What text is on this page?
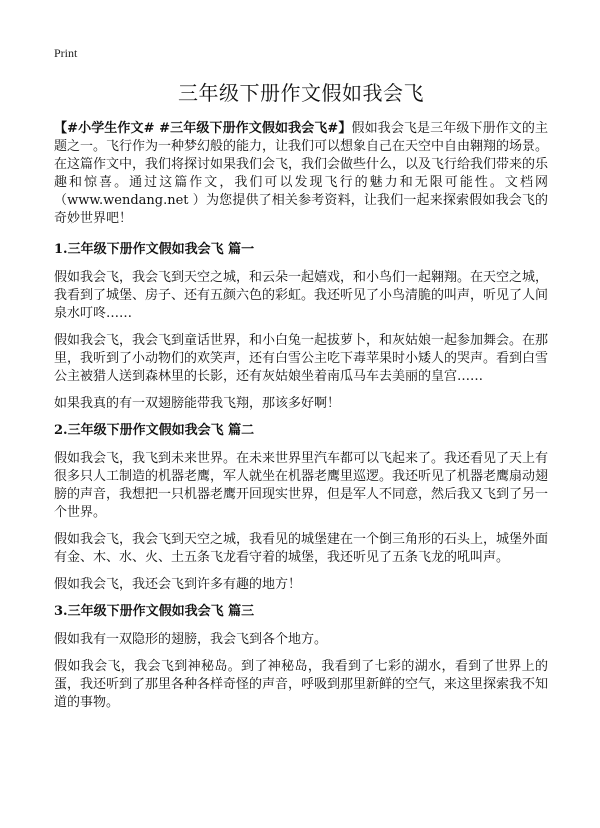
Print
三年级下册作文假如我会飞

【#小学生作文# #三年级下册作文假如我会飞#】假如我会飞是三年级下册作文的主题之一。飞行作为一种梦幻般的能力，让我们可以想象自己在天空中自由翱翔的场景。在这篇作文中，我们将探讨如果我们会飞，我们会做些什么，以及飞行给我们带来的乐趣和惊喜。通过这篇作文，我们可以发现飞行的魅力和无限可能性。文档网（www.wendang.net ）为您提供了相关参考资料，让我们一起来探索假如我会飞的奇妙世界吧！

1.三年级下册作文假如我会飞 篇一

假如我会飞，我会飞到天空之城，和云朵一起嬉戏，和小鸟们一起翱翔。在天空之城，我看到了城堡、房子、还有五颜六色的彩虹。我还听见了小鸟清脆的叫声，听见了人间泉水叮咚……

假如我会飞，我会飞到童话世界，和小白兔一起拔萝卜，和灰姑娘一起参加舞会。在那里，我听到了小动物们的欢笑声，还有白雪公主吃下毒苹果时小矮人的哭声。看到白雪公主被猎人送到森林里的长影，还有灰姑娘坐着南瓜马车去美丽的皇宫……

如果我真的有一双翅膀能带我飞翔，那该多好啊！

2.三年级下册作文假如我会飞 篇二

假如我会飞，我飞到未来世界。在未来世界里汽车都可以飞起来了。我还看见了天上有很多只人工制造的机器老鹰，军人就坐在机器老鹰里巡逻。我还听见了机器老鹰扇动翅膀的声音，我想把一只机器老鹰开回现实世界，但是军人不同意，然后我又飞到了另一个世界。

假如我会飞，我会飞到天空之城，我看见的城堡建在一个倒三角形的石头上，城堡外面有金、木、水、火、土五条飞龙看守着的城堡，我还听见了五条飞龙的吼叫声。

假如我会飞，我还会飞到许多有趣的地方！

3.三年级下册作文假如我会飞 篇三

假如我有一双隐形的翅膀，我会飞到各个地方。

假如我会飞，我会飞到神秘岛。到了神秘岛，我看到了七彩的湖水，看到了世界上的蛋，我还听到了那里各种各样奇怪的声音，呼吸到那里新鲜的空气，来这里探索我不知道的事物。
